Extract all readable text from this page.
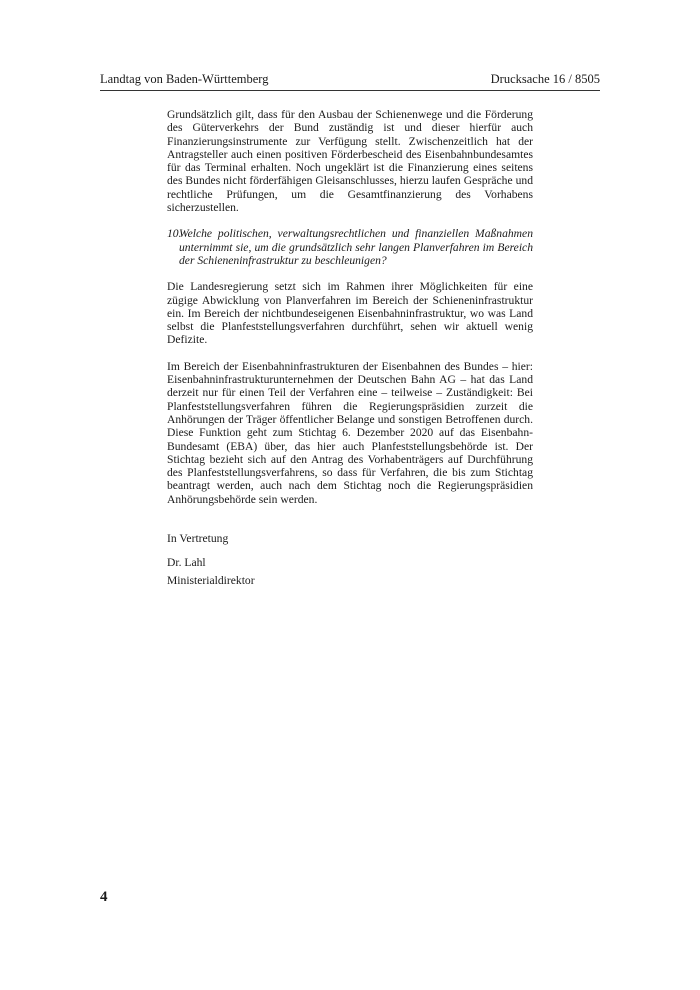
Landtag von Baden-Württemberg	Drucksache 16 / 8505

Grundsätzlich gilt, dass für den Ausbau der Schienenwege und die Förderung des Güterverkehrs der Bund zuständig ist und dieser hierfür auch Finanzierungsinstrumente zur Verfügung stellt. Zwischenzeitlich hat der Antragsteller auch einen positiven Förderbescheid des Eisenbahnbundesamtes für das Terminal erhalten. Noch ungeklärt ist die Finanzierung eines seitens des Bundes nicht förderfähigen Gleisanschlusses, hierzu laufen Gespräche und rechtliche Prüfungen, um die Gesamtfinanzierung des Vorhabens sicherzustellen.

10.
Welche politischen, verwaltungsrechtlichen und finanziellen Maßnahmen unternimmt sie, um die grundsätzlich sehr langen Planverfahren im Bereich der Schieneninfrastruktur zu beschleunigen?

Die Landesregierung setzt sich im Rahmen ihrer Möglichkeiten für eine zügige Abwicklung von Planverfahren im Bereich der Schieneninfrastruktur ein. Im Bereich der nichtbundeseigenen Eisenbahninfrastruktur, wo was Land selbst die Planfeststellungsverfahren durchführt, sehen wir aktuell wenig Defizite.

Im Bereich der Eisenbahninfrastrukturen der Eisenbahnen des Bundes – hier: Eisenbahninfrastrukturunternehmen der Deutschen Bahn AG – hat das Land derzeit nur für einen Teil der Verfahren eine – teilweise – Zuständigkeit: Bei Planfeststellungsverfahren führen die Regierungspräsidien zurzeit die Anhörungen der Träger öffentlicher Belange und sonstigen Betroffenen durch. Diese Funktion geht zum Stichtag 6. Dezember 2020 auf das Eisenbahn-Bundesamt (EBA) über, das hier auch Planfeststellungsbehörde ist. Der Stichtag bezieht sich auf den Antrag des Vorhabenträgers auf Durchführung des Planfeststellungsverfahrens, so dass für Verfahren, die bis zum Stichtag beantragt werden, auch nach dem Stichtag noch die Regierungspräsidien Anhörungsbehörde sein werden.

In Vertretung

Dr. Lahl

Ministerialdirektor

4
